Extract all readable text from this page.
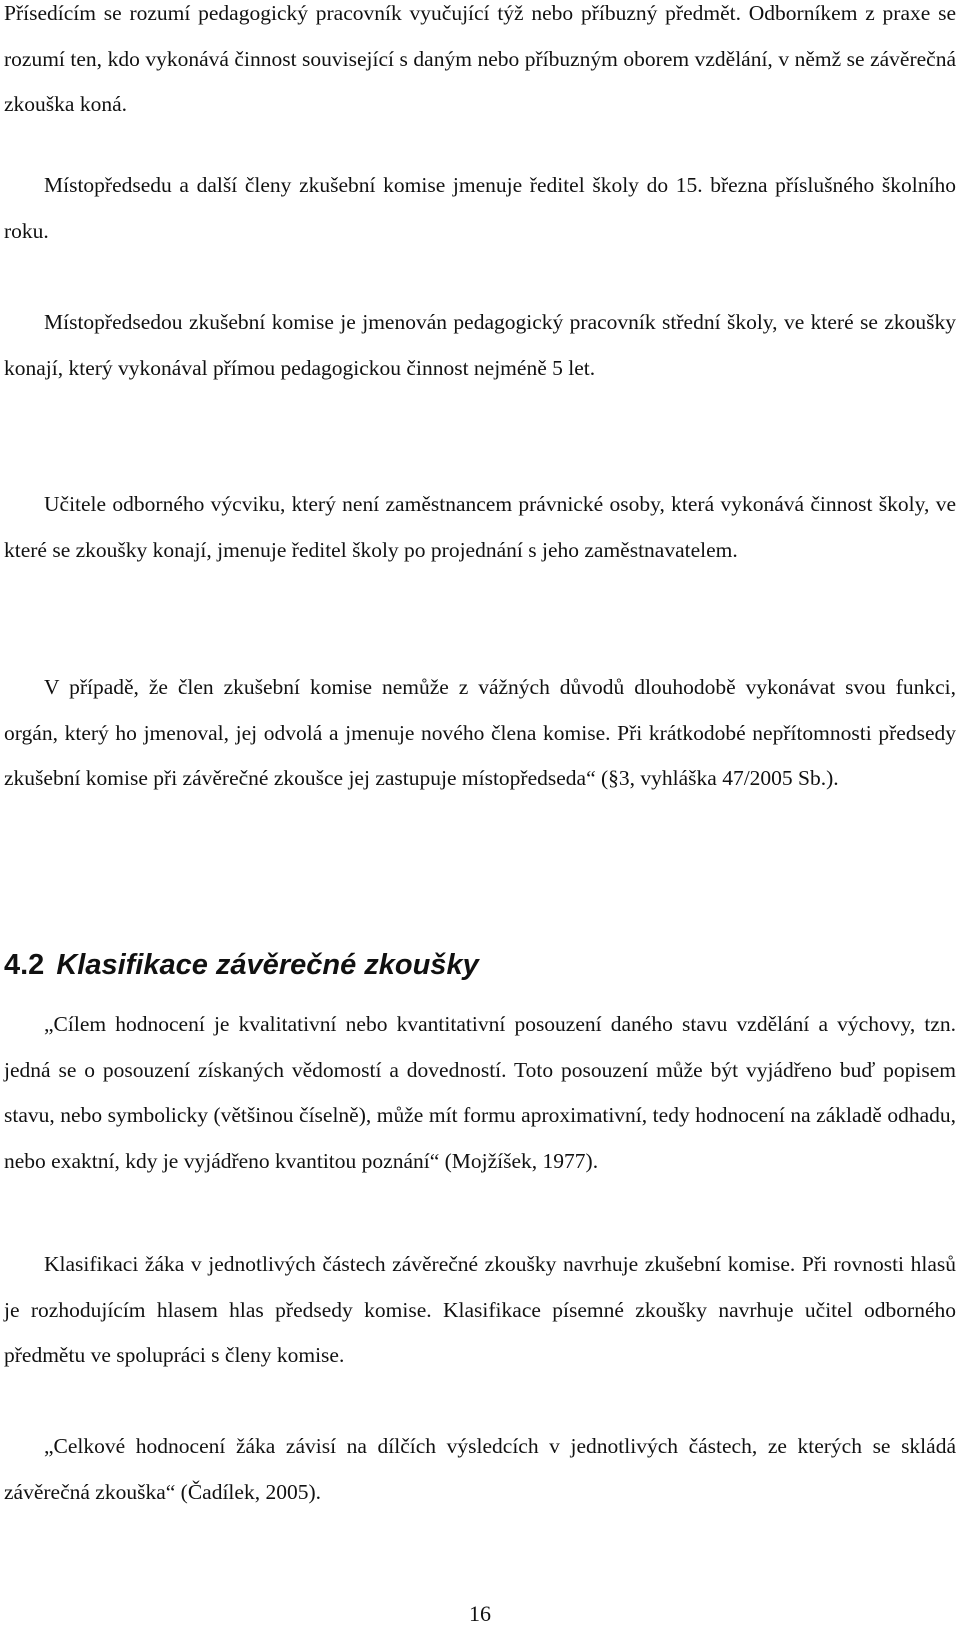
Přísedícím se rozumí pedagogický pracovník vyučující týž nebo příbuzný předmět. Odborníkem z praxe se rozumí ten, kdo vykonává činnost související s daným nebo příbuzným oborem vzdělání, v němž se závěrečná zkouška koná.

Místopředsedu a další členy zkušební komise jmenuje ředitel školy do 15. března příslušného školního roku.

Místopředsedou zkušební komise je jmenován pedagogický pracovník střední školy, ve které se zkoušky konají, který vykonával přímou pedagogickou činnost nejméně 5 let.

Učitele odborného výcviku, který není zaměstnancem právnické osoby, která vykonává činnost školy, ve které se zkoušky konají, jmenuje ředitel školy po projednání s jeho zaměstnavatelem.

V případě, že člen zkušební komise nemůže z vážných důvodů dlouhodobě vykonávat svou funkci, orgán, který ho jmenoval, jej odvolá a jmenuje nového člena komise. Při krátkodobé nepřítomnosti předsedy zkušební komise při závěrečné zkoušce jej zastupuje místopředseda“ (§3, vyhláška 47/2005 Sb.).

4.2 Klasifikace závěrečné zkoušky

„Cílem hodnocení je kvalitativní nebo kvantitativní posouzení daného stavu vzdělání a výchovy, tzn. jedná se o posouzení získaných vědomostí a dovedností. Toto posouzení může být vyjádřeno buď popisem stavu, nebo symbolicky (většinou číselně), může mít formu aproximativní, tedy hodnocení na základě odhadu, nebo exaktní, kdy je vyjádřeno kvantitou poznání“ (Mojžíšek, 1977).

Klasifikaci žáka v jednotlivých částech závěrečné zkoušky navrhuje zkušební komise. Při rovnosti hlasů je rozhodujícím hlasem hlas předsedy komise. Klasifikace písemné zkoušky navrhuje učitel odborného předmětu ve spolupráci s členy komise.

„Celkové hodnocení žáka závisí na dílčích výsledcích v jednotlivých částech, ze kterých se skládá závěrečná zkouška“ (Čadílek, 2005).

16
